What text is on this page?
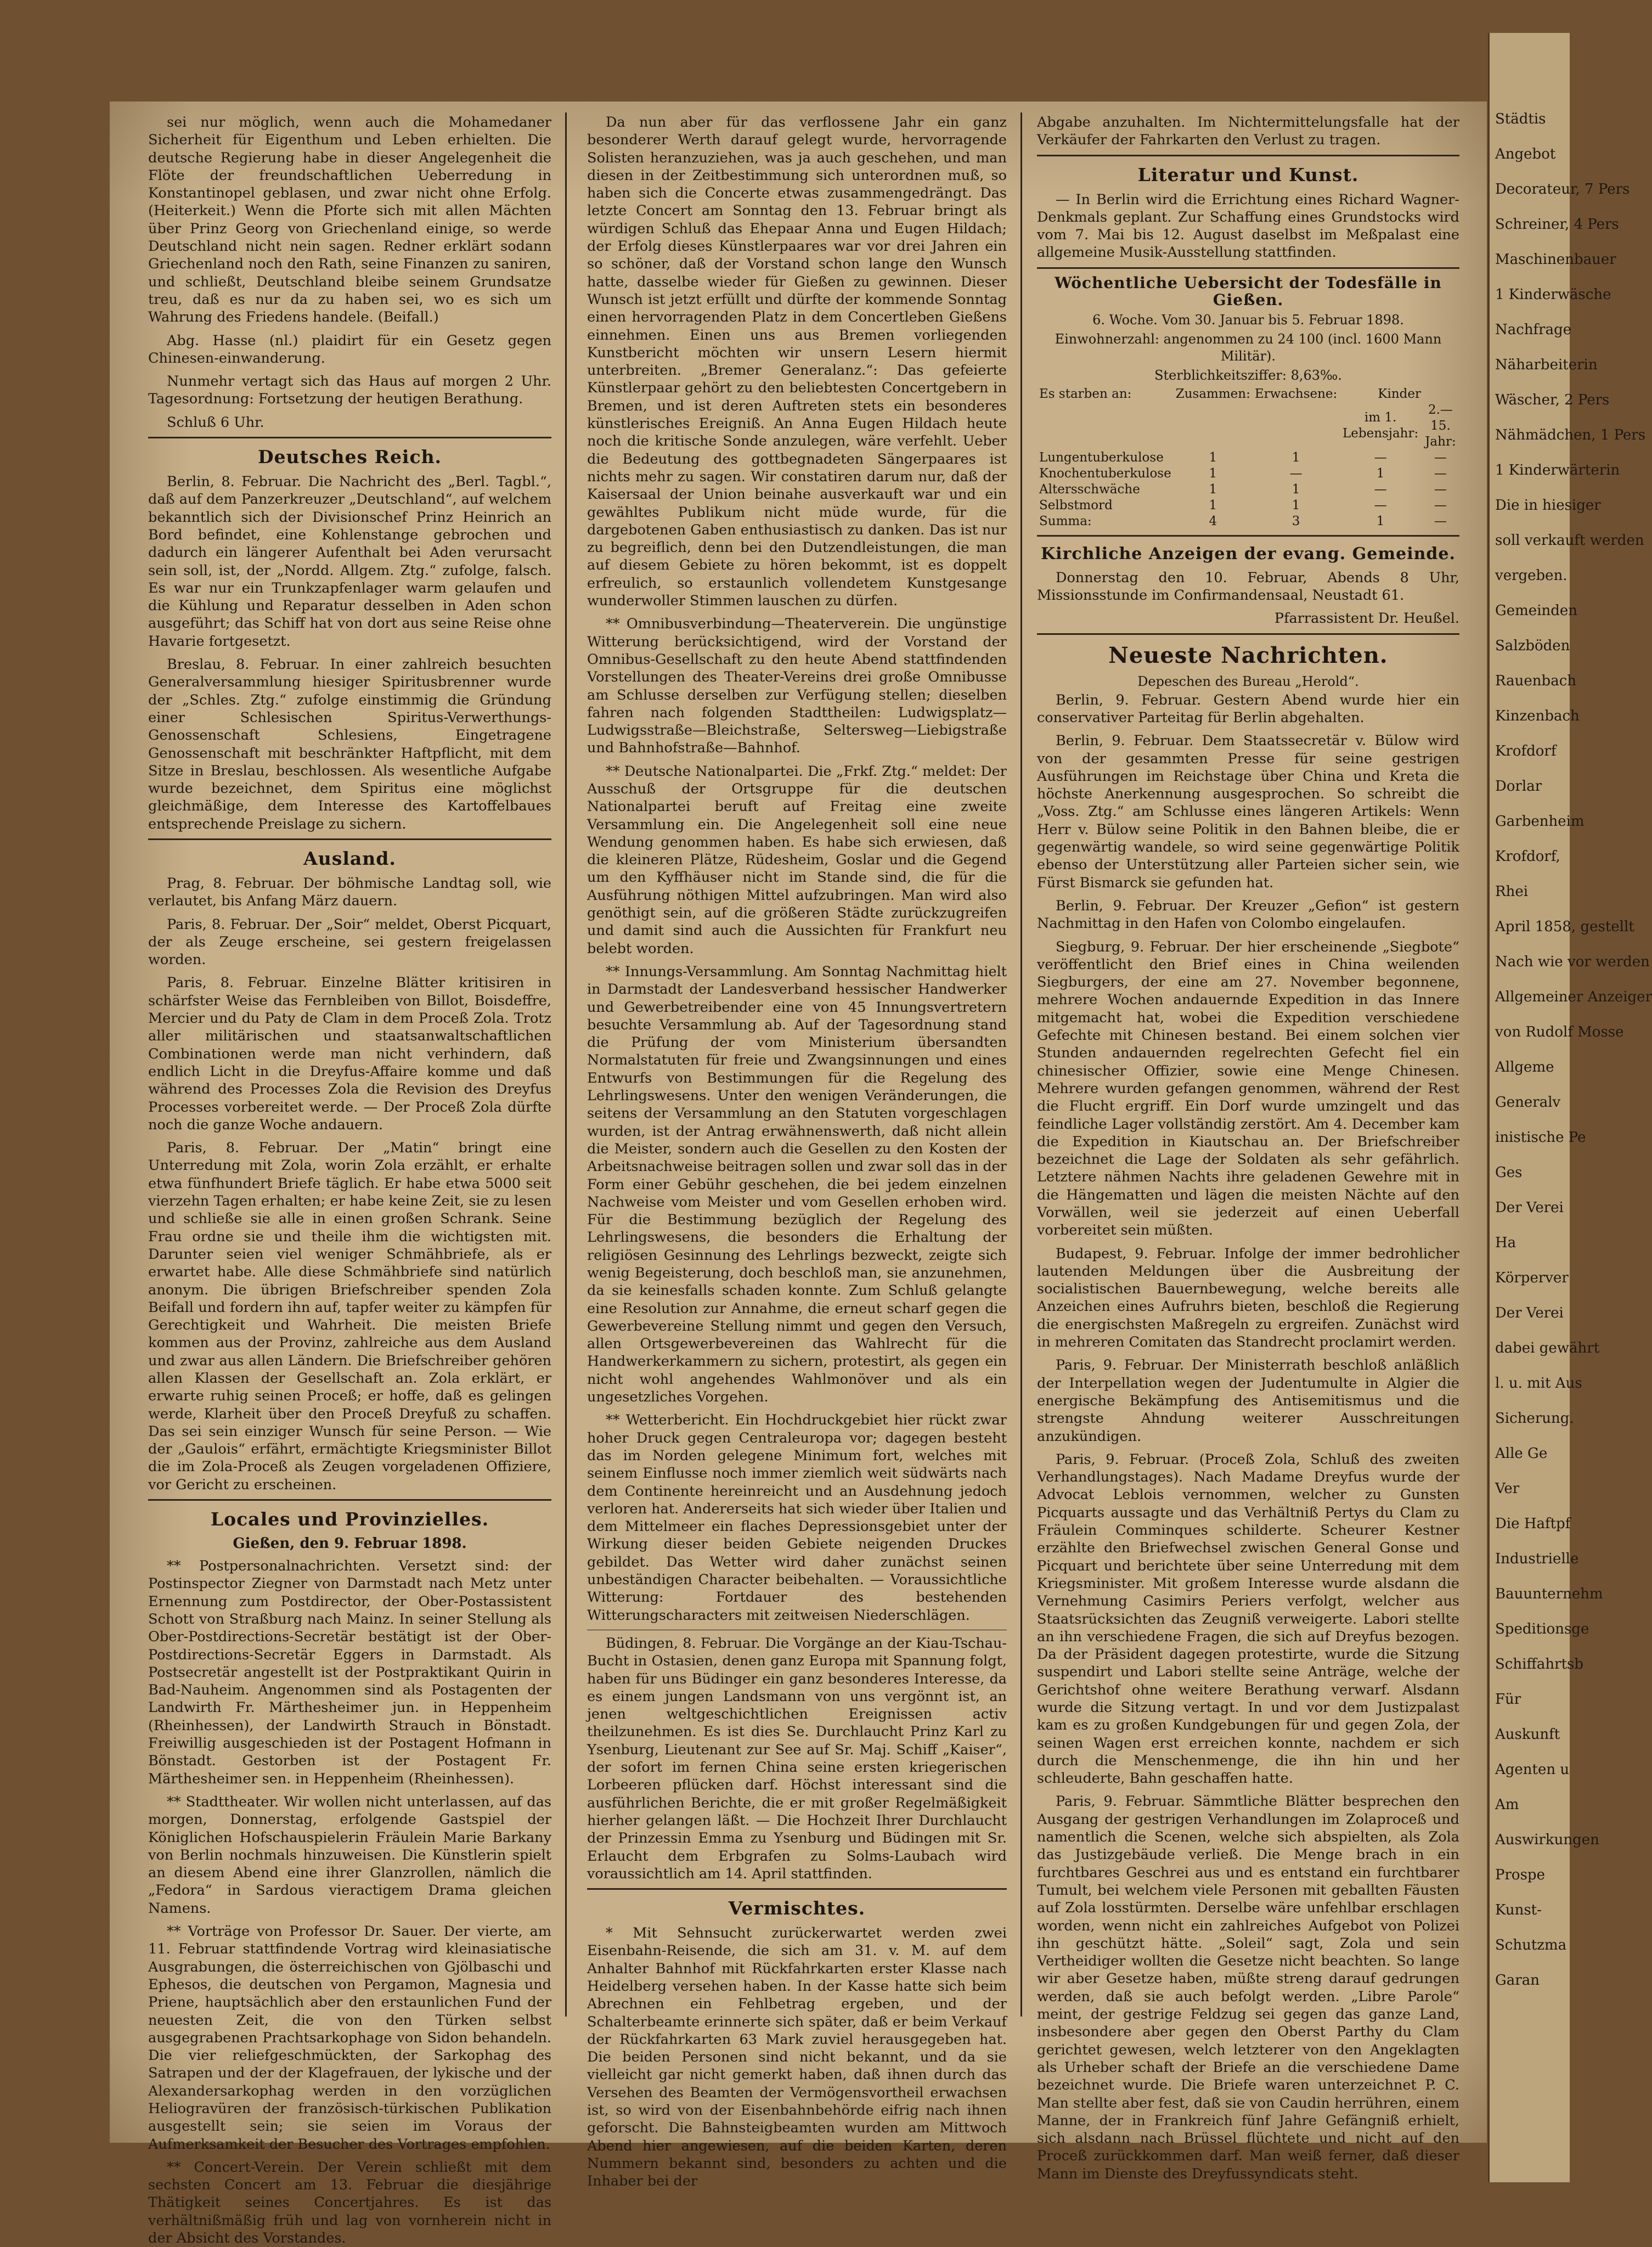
Städtis
Angebot
Decorateur, 7 Pers
Schreiner, 4 Pers
Maschinenbauer
1 Kinderwäsche
Nachfrage
Näharbeiterin
Wäscher, 2 Pers
Nähmädchen, 1 Pers
1 Kinderwärterin
Die in hiesiger
soll verkauft werden
vergeben.
Gemeinden
Salzböden
Rauenbach
Kinzenbach
Krofdorf
Dorlar
Garbenheim
Krofdorf,
Rhei
April 1858, gestellt
Nach wie vor werden
Allgemeiner Anzeiger
von Rudolf Mosse
Allgeme
Generalv
inistische Pe
Ges
Der Verei
Ha
Körperver
Der Verei
dabei gewährt
l. u. mit Aus
Sicherung.
Alle Ge
Ver
Die Haftpf
Industrielle
Bauunternehm
Speditionsge
Schiffahrtsb
Für
Auskunft
Agenten u
Am
Auswirkungen
Prospe
Kunst-
Schutzma
Garan

sei nur möglich, wenn auch die Mohamedaner Sicherheit für Eigenthum und Leben erhielten. Die deutsche Regierung habe in dieser Angelegenheit die Flöte der freundschaftlichen Ueberredung in Konstantinopel geblasen, und zwar nicht ohne Erfolg. (Heiterkeit.) Wenn die Pforte sich mit allen Mächten über Prinz Georg von Griechenland einige, so werde Deutschland nicht nein sagen. Redner erklärt sodann Griechenland noch den Rath, seine Finanzen zu saniren, und schließt, Deutschland bleibe seinem Grundsatze treu, daß es nur da zu haben sei, wo es sich um Wahrung des Friedens handele. (Beifall.)

Abg. Hasse (nl.) plaidirt für ein Gesetz gegen Chinesen-einwanderung.

Nunmehr vertagt sich das Haus auf morgen 2 Uhr. Tagesordnung: Fortsetzung der heutigen Berathung.

Schluß 6 Uhr.

Deutsches Reich.

Berlin, 8. Februar. Die Nachricht des „Berl. Tagbl.“, daß auf dem Panzerkreuzer „Deutschland“, auf welchem bekanntlich sich der Divisionschef Prinz Heinrich an Bord befindet, eine Kohlenstange gebrochen und dadurch ein längerer Aufenthalt bei Aden verursacht sein soll, ist, der „Nordd. Allgem. Ztg.“ zufolge, falsch. Es war nur ein Trunkzapfenlager warm gelaufen und die Kühlung und Reparatur desselben in Aden schon ausgeführt; das Schiff hat von dort aus seine Reise ohne Havarie fortgesetzt.

Breslau, 8. Februar. In einer zahlreich besuchten Generalversammlung hiesiger Spiritusbrenner wurde der „Schles. Ztg.“ zufolge einstimmig die Gründung einer Schlesischen Spiritus-Verwerthungs-Genossenschaft Schlesiens, Eingetragene Genossenschaft mit beschränkter Haftpflicht, mit dem Sitze in Breslau, beschlossen. Als wesentliche Aufgabe wurde bezeichnet, dem Spiritus eine möglichst gleichmäßige, dem Interesse des Kartoffelbaues entsprechende Preislage zu sichern.

Ausland.

Prag, 8. Februar. Der böhmische Landtag soll, wie verlautet, bis Anfang März dauern.

Paris, 8. Februar. Der „Soir“ meldet, Oberst Picquart, der als Zeuge erscheine, sei gestern freigelassen worden.

Paris, 8. Februar. Einzelne Blätter kritisiren in schärfster Weise das Fernbleiben von Billot, Boisdeffre, Mercier und du Paty de Clam in dem Proceß Zola. Trotz aller militärischen und staatsanwaltschaftlichen Combinationen werde man nicht verhindern, daß endlich Licht in die Dreyfus-Affaire komme und daß während des Processes Zola die Revision des Dreyfus Processes vorbereitet werde. — Der Proceß Zola dürfte noch die ganze Woche andauern.

Paris, 8. Februar. Der „Matin“ bringt eine Unterredung mit Zola, worin Zola erzählt, er erhalte etwa fünfhundert Briefe täglich. Er habe etwa 5000 seit vierzehn Tagen erhalten; er habe keine Zeit, sie zu lesen und schließe sie alle in einen großen Schrank. Seine Frau ordne sie und theile ihm die wichtigsten mit. Darunter seien viel weniger Schmähbriefe, als er erwartet habe. Alle diese Schmähbriefe sind natürlich anonym. Die übrigen Briefschreiber spenden Zola Beifall und fordern ihn auf, tapfer weiter zu kämpfen für Gerechtigkeit und Wahrheit. Die meisten Briefe kommen aus der Provinz, zahlreiche aus dem Ausland und zwar aus allen Ländern. Die Briefschreiber gehören allen Klassen der Gesellschaft an. Zola erklärt, er erwarte ruhig seinen Proceß; er hoffe, daß es gelingen werde, Klarheit über den Proceß Dreyfuß zu schaffen. Das sei sein einziger Wunsch für seine Person. — Wie der „Gaulois“ erfährt, ermächtigte Kriegsminister Billot die im Zola-Proceß als Zeugen vorgeladenen Offiziere, vor Gericht zu erscheinen.

Locales und Provinzielles.
Gießen, den 9. Februar 1898.

** Postpersonalnachrichten. Versetzt sind: der Postinspector Ziegner von Darmstadt nach Metz unter Ernennung zum Postdirector, der Ober-Postassistent Schott von Straßburg nach Mainz. In seiner Stellung als Ober-Postdirections-Secretär bestätigt ist der Ober-Postdirections-Secretär Eggers in Darmstadt. Als Postsecretär angestellt ist der Postpraktikant Quirin in Bad-Nauheim. Angenommen sind als Postagenten der Landwirth Fr. Märthesheimer jun. in Heppenheim (Rheinhessen), der Landwirth Strauch in Bönstadt. Freiwillig ausgeschieden ist der Postagent Hofmann in Bönstadt. Gestorben ist der Postagent Fr. Märthesheimer sen. in Heppenheim (Rheinhessen).

** Stadttheater. Wir wollen nicht unterlassen, auf das morgen, Donnerstag, erfolgende Gastspiel der Königlichen Hofschauspielerin Fräulein Marie Barkany von Berlin nochmals hinzuweisen. Die Künstlerin spielt an diesem Abend eine ihrer Glanzrollen, nämlich die „Fedora“ in Sardous vieractigem Drama gleichen Namens.

** Vorträge von Professor Dr. Sauer. Der vierte, am 11. Februar stattfindende Vortrag wird kleinasiatische Ausgrabungen, die österreichischen von Gjölbaschi und Ephesos, die deutschen von Pergamon, Magnesia und Priene, hauptsächlich aber den erstaunlichen Fund der neuesten Zeit, die von den Türken selbst ausgegrabenen Prachtsarkophage von Sidon behandeln. Die vier reliefgeschmückten, der Sarkophag des Satrapen und der der Klagefrauen, der lykische und der Alexandersarkophag werden in den vorzüglichen Heliogravüren der französisch-türkischen Publikation ausgestellt sein; sie seien im Voraus der Aufmerksamkeit der Besucher des Vortrages empfohlen.

** Concert-Verein. Der Verein schließt mit dem sechsten Concert am 13. Februar die diesjährige Thätigkeit seines Concertjahres. Es ist das verhältnißmäßig früh und lag von vornherein nicht in der Absicht des Vorstandes.

Da nun aber für das verflossene Jahr ein ganz besonderer Werth darauf gelegt wurde, hervorragende Solisten heranzuziehen, was ja auch geschehen, und man diesen in der Zeitbestimmung sich unterordnen muß, so haben sich die Concerte etwas zusammengedrängt. Das letzte Concert am Sonntag den 13. Februar bringt als würdigen Schluß das Ehepaar Anna und Eugen Hildach; der Erfolg dieses Künstlerpaares war vor drei Jahren ein so schöner, daß der Vorstand schon lange den Wunsch hatte, dasselbe wieder für Gießen zu gewinnen. Dieser Wunsch ist jetzt erfüllt und dürfte der kommende Sonntag einen hervorragenden Platz in dem Concertleben Gießens einnehmen. Einen uns aus Bremen vorliegenden Kunstbericht möchten wir unsern Lesern hiermit unterbreiten. „Bremer Generalanz.“: Das gefeierte Künstlerpaar gehört zu den beliebtesten Concertgebern in Bremen, und ist deren Auftreten stets ein besonderes künstlerisches Ereigniß. An Anna Eugen Hildach heute noch die kritische Sonde anzulegen, wäre verfehlt. Ueber die Bedeutung des gottbegnadeten Sängerpaares ist nichts mehr zu sagen. Wir constatiren darum nur, daß der Kaisersaal der Union beinahe ausverkauft war und ein gewähltes Publikum nicht müde wurde, für die dargebotenen Gaben enthusiastisch zu danken. Das ist nur zu begreiflich, denn bei den Dutzendleistungen, die man auf diesem Gebiete zu hören bekommt, ist es doppelt erfreulich, so erstaunlich vollendetem Kunstgesange wunderwoller Stimmen lauschen zu dürfen.

** Omnibusverbindung—Theaterverein. Die ungünstige Witterung berücksichtigend, wird der Vorstand der Omnibus-Gesellschaft zu den heute Abend stattfindenden Vorstellungen des Theater-Vereins drei große Omnibusse am Schlusse derselben zur Verfügung stellen; dieselben fahren nach folgenden Stadttheilen: Ludwigsplatz—Ludwigsstraße—Bleichstraße, Seltersweg—Liebigstraße und Bahnhofstraße—Bahnhof.

** Deutsche Nationalpartei. Die „Frkf. Ztg.“ meldet: Der Ausschuß der Ortsgruppe für die deutschen Nationalpartei beruft auf Freitag eine zweite Versammlung ein. Die Angelegenheit soll eine neue Wendung genommen haben. Es habe sich erwiesen, daß die kleineren Plätze, Rüdesheim, Goslar und die Gegend um den Kyffhäuser nicht im Stande sind, die für die Ausführung nöthigen Mittel aufzubringen. Man wird also genöthigt sein, auf die größeren Städte zurückzugreifen und damit sind auch die Aussichten für Frankfurt neu belebt worden.

** Innungs-Versammlung. Am Sonntag Nachmittag hielt in Darmstadt der Landesverband hessischer Handwerker und Gewerbetreibender eine von 45 Innungsvertretern besuchte Versammlung ab. Auf der Tagesordnung stand die Prüfung der vom Ministerium übersandten Normalstatuten für freie und Zwangsinnungen und eines Entwurfs von Bestimmungen für die Regelung des Lehrlingswesens. Unter den wenigen Veränderungen, die seitens der Versammlung an den Statuten vorgeschlagen wurden, ist der Antrag erwähnenswerth, daß nicht allein die Meister, sondern auch die Gesellen zu den Kosten der Arbeitsnachweise beitragen sollen und zwar soll das in der Form einer Gebühr geschehen, die bei jedem einzelnen Nachweise vom Meister und vom Gesellen erhoben wird. Für die Bestimmung bezüglich der Regelung des Lehrlingswesens, die besonders die Erhaltung der religiösen Gesinnung des Lehrlings bezweckt, zeigte sich wenig Begeisterung, doch beschloß man, sie anzunehmen, da sie keinesfalls schaden konnte. Zum Schluß gelangte eine Resolution zur Annahme, die erneut scharf gegen die Gewerbevereine Stellung nimmt und gegen den Versuch, allen Ortsgewerbevereinen das Wahlrecht für die Handwerkerkammern zu sichern, protestirt, als gegen ein nicht wohl angehendes Wahlmonöver und als ein ungesetzliches Vorgehen.

** Wetterbericht. Ein Hochdruckgebiet hier rückt zwar hoher Druck gegen Centraleuropa vor; dagegen besteht das im Norden gelegene Minimum fort, welches mit seinem Einflusse noch immer ziemlich weit südwärts nach dem Continente hereinreicht und an Ausdehnung jedoch verloren hat. Andererseits hat sich wieder über Italien und dem Mittelmeer ein flaches Depressionsgebiet unter der Wirkung dieser beiden Gebiete neigenden Druckes gebildet. Das Wetter wird daher zunächst seinen unbeständigen Character beibehalten. — Voraussichtliche Witterung: Fortdauer des bestehenden Witterungscharacters mit zeitweisen Niederschlägen.

Büdingen, 8. Februar. Die Vorgänge an der Kiau-Tschau-Bucht in Ostasien, denen ganz Europa mit Spannung folgt, haben für uns Büdinger ein ganz besonderes Interesse, da es einem jungen Landsmann von uns vergönnt ist, an jenen weltgeschichtlichen Ereignissen activ theilzunehmen. Es ist dies Se. Durchlaucht Prinz Karl zu Ysenburg, Lieutenant zur See auf Sr. Maj. Schiff „Kaiser“, der sofort im fernen China seine ersten kriegerischen Lorbeeren pflücken darf. Höchst interessant sind die ausführlichen Berichte, die er mit großer Regelmäßigkeit hierher gelangen läßt. — Die Hochzeit Ihrer Durchlaucht der Prinzessin Emma zu Ysenburg und Büdingen mit Sr. Erlaucht dem Erbgrafen zu Solms-Laubach wird voraussichtlich am 14. April stattfinden.

Vermischtes.

* Mit Sehnsucht zurückerwartet werden zwei Eisenbahn-Reisende, die sich am 31. v. M. auf dem Anhalter Bahnhof mit Rückfahrkarten erster Klasse nach Heidelberg versehen haben. In der Kasse hatte sich beim Abrechnen ein Fehlbetrag ergeben, und der Schalterbeamte erinnerte sich später, daß er beim Verkauf der Rückfahrkarten 63 Mark zuviel herausgegeben hat. Die beiden Personen sind nicht bekannt, und da sie vielleicht gar nicht gemerkt haben, daß ihnen durch das Versehen des Beamten der Vermögensvortheil erwachsen ist, so wird von der Eisenbahnbehörde eifrig nach ihnen geforscht. Die Bahnsteigbeamten wurden am Mittwoch Abend hier angewiesen, auf die beiden Karten, deren Nummern bekannt sind, besonders zu achten und die Inhaber bei der

Abgabe anzuhalten. Im Nichtermittelungsfalle hat der Verkäufer der Fahrkarten den Verlust zu tragen.

Literatur und Kunst.

— In Berlin wird die Errichtung eines Richard Wagner-Denkmals geplant. Zur Schaffung eines Grundstocks wird vom 7. Mai bis 12. August daselbst im Meßpalast eine allgemeine Musik-Ausstellung stattfinden.

Wöchentliche Uebersicht der Todesfälle in Gießen.
6. Woche. Vom 30. Januar bis 5. Februar 1898.
Einwohnerzahl: angenommen zu 24 100 (incl. 1600 Mann Militär).
Sterblichkeitsziffer: 8,63‰.
Es starben an:	Zusammen:	Erwachsene:	Kinder	
			im 1. Lebensjahr:	2.—15. Jahr:
Lungentuberkulose	1	1	—	—
Knochentuberkulose	1	—	1	—
Altersschwäche	1	1	—	—
Selbstmord	1	1	—	—
Summa:	4	3	1	—
Kirchliche Anzeigen der evang. Gemeinde.

Donnerstag den 10. Februar, Abends 8 Uhr, Missionsstunde im Confirmandensaal, Neustadt 61.

Pfarrassistent Dr. Heußel.

Neueste Nachrichten.
Depeschen des Bureau „Herold“.

Berlin, 9. Februar. Gestern Abend wurde hier ein conservativer Parteitag für Berlin abgehalten.

Berlin, 9. Februar. Dem Staatssecretär v. Bülow wird von der gesammten Presse für seine gestrigen Ausführungen im Reichstage über China und Kreta die höchste Anerkennung ausgesprochen. So schreibt die „Voss. Ztg.“ am Schlusse eines längeren Artikels: Wenn Herr v. Bülow seine Politik in den Bahnen bleibe, die er gegenwärtig wandele, so wird seine gegenwärtige Politik ebenso der Unterstützung aller Parteien sicher sein, wie Fürst Bismarck sie gefunden hat.

Berlin, 9. Februar. Der Kreuzer „Gefion“ ist gestern Nachmittag in den Hafen von Colombo eingelaufen.

Siegburg, 9. Februar. Der hier erscheinende „Siegbote“ veröffentlicht den Brief eines in China weilenden Siegburgers, der eine am 27. November begonnene, mehrere Wochen andauernde Expedition in das Innere mitgemacht hat, wobei die Expedition verschiedene Gefechte mit Chinesen bestand. Bei einem solchen vier Stunden andauernden regelrechten Gefecht fiel ein chinesischer Offizier, sowie eine Menge Chinesen. Mehrere wurden gefangen genommen, während der Rest die Flucht ergriff. Ein Dorf wurde umzingelt und das feindliche Lager vollständig zerstört. Am 4. December kam die Expedition in Kiautschau an. Der Briefschreiber bezeichnet die Lage der Soldaten als sehr gefährlich. Letztere nähmen Nachts ihre geladenen Gewehre mit in die Hängematten und lägen die meisten Nächte auf den Vorwällen, weil sie jederzeit auf einen Ueberfall vorbereitet sein müßten.

Budapest, 9. Februar. Infolge der immer bedrohlicher lautenden Meldungen über die Ausbreitung der socialistischen Bauernbewegung, welche bereits alle Anzeichen eines Aufruhrs bieten, beschloß die Regierung die energischsten Maßregeln zu ergreifen. Zunächst wird in mehreren Comitaten das Standrecht proclamirt werden.

Paris, 9. Februar. Der Ministerrath beschloß anläßlich der Interpellation wegen der Judentumulte in Algier die energische Bekämpfung des Antisemitismus und die strengste Ahndung weiterer Ausschreitungen anzukündigen.

Paris, 9. Februar. (Proceß Zola, Schluß des zweiten Verhandlungstages). Nach Madame Dreyfus wurde der Advocat Leblois vernommen, welcher zu Gunsten Picquarts aussagte und das Verhältniß Pertys du Clam zu Fräulein Comminques schilderte. Scheurer Kestner erzählte den Briefwechsel zwischen General Gonse und Picquart und berichtete über seine Unterredung mit dem Kriegsminister. Mit großem Interesse wurde alsdann die Vernehmung Casimirs Periers verfolgt, welcher aus Staatsrücksichten das Zeugniß verweigerte. Labori stellte an ihn verschiedene Fragen, die sich auf Dreyfus bezogen. Da der Präsident dagegen protestirte, wurde die Sitzung suspendirt und Labori stellte seine Anträge, welche der Gerichtshof ohne weitere Berathung verwarf. Alsdann wurde die Sitzung vertagt. In und vor dem Justizpalast kam es zu großen Kundgebungen für und gegen Zola, der seinen Wagen erst erreichen konnte, nachdem er sich durch die Menschenmenge, die ihn hin und her schleuderte, Bahn geschaffen hatte.

Paris, 9. Februar. Sämmtliche Blätter besprechen den Ausgang der gestrigen Verhandlungen im Zolaproceß und namentlich die Scenen, welche sich abspielten, als Zola das Justizgebäude verließ. Die Menge brach in ein furchtbares Geschrei aus und es entstand ein furchtbarer Tumult, bei welchem viele Personen mit geballten Fäusten auf Zola losstürmten. Derselbe wäre unfehlbar erschlagen worden, wenn nicht ein zahlreiches Aufgebot von Polizei ihn geschützt hätte. „Soleil“ sagt, Zola und sein Vertheidiger wollten die Gesetze nicht beachten. So lange wir aber Gesetze haben, müßte streng darauf gedrungen werden, daß sie auch befolgt werden. „Libre Parole“ meint, der gestrige Feldzug sei gegen das ganze Land, insbesondere aber gegen den Oberst Parthy du Clam gerichtet gewesen, welch letzterer von den Angeklagten als Urheber schaft der Briefe an die verschiedene Dame bezeichnet wurde. Die Briefe waren unterzeichnet P. C. Man stellte aber fest, daß sie von Caudin herrühren, einem Manne, der in Frankreich fünf Jahre Gefängniß erhielt, sich alsdann nach Brüssel flüchtete und nicht auf den Proceß zurückkommen darf. Man weiß ferner, daß dieser Mann im Dienste des Dreyfussyndicats steht.
